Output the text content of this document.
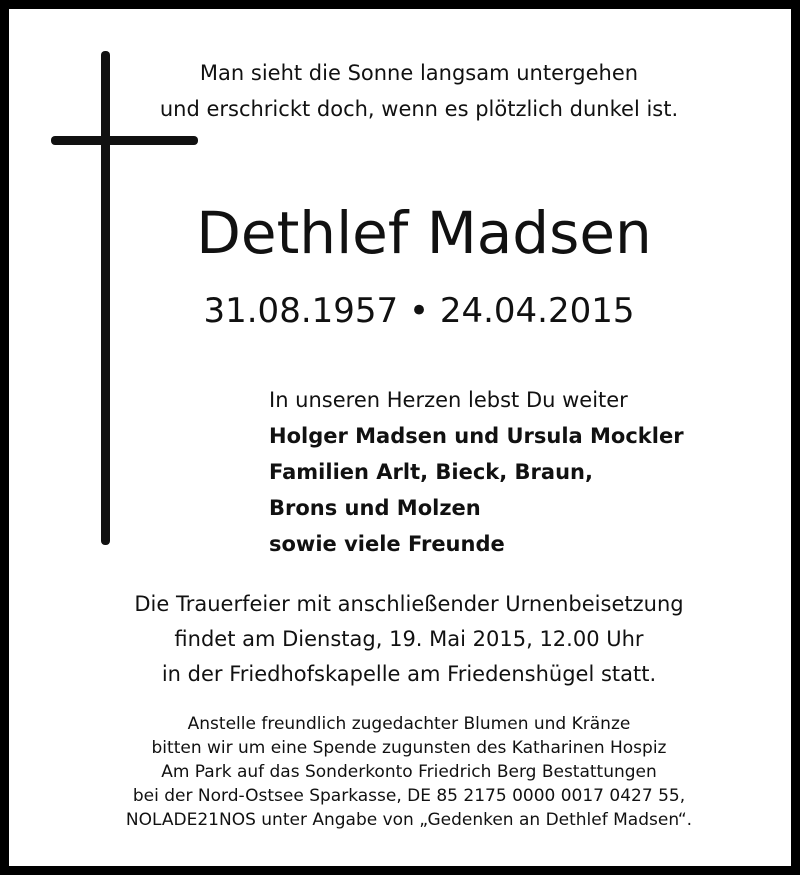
Man sieht die Sonne langsam untergehen
und erschrickt doch, wenn es plötzlich dunkel ist.
Dethlef Madsen
31.08.1957 • 24.04.2015
In unseren Herzen lebst Du weiter
Holger Madsen und Ursula Mockler
Familien Arlt, Bieck, Braun,
Brons und Molzen
sowie viele Freunde
Die Trauerfeier mit anschließender Urnenbeisetzung
findet am Dienstag, 19. Mai 2015, 12.00 Uhr
in der Friedhofskapelle am Friedenshügel statt.
Anstelle freundlich zugedachter Blumen und Kränze
bitten wir um eine Spende zugunsten des Katharinen Hospiz
Am Park auf das Sonderkonto Friedrich Berg Bestattungen
bei der Nord-Ostsee Sparkasse, DE 85 2175 0000 0017 0427 55,
NOLADE21NOS unter Angabe von „Gedenken an Dethlef Madsen“.
